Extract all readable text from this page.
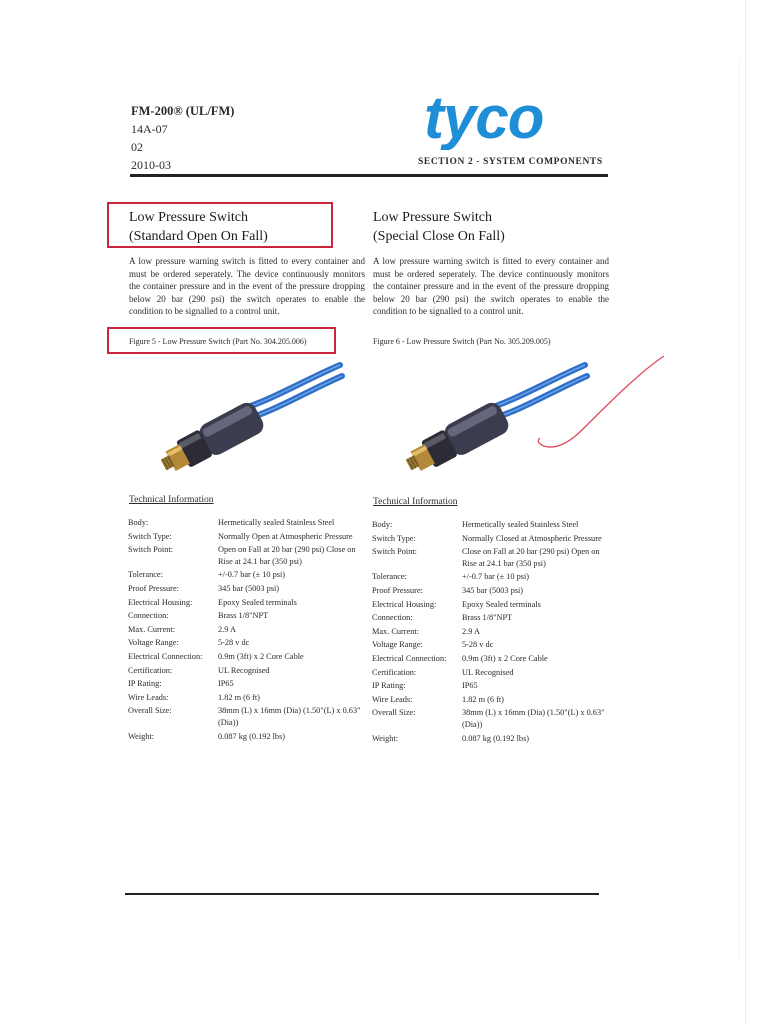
FM-200® (UL/FM)
14A-07
02
2010-03
tyco
SECTION 2 - SYSTEM COMPONENTS
Low Pressure Switch
(Standard Open On Fall)
A low pressure warning switch is fitted to every container and must be ordered seperately. The device continuously monitors the container pressure and in the event of the pressure dropping below 20 bar (290 psi) the switch operates to enable the condition to be signalled to a control unit.
Figure 5 - Low Pressure Switch (Part No. 304.205.006)
Low Pressure Switch
(Special Close On Fall)
A low pressure warning switch is fitted to every container and must be ordered seperately. The device continuously monitors the container pressure and in the event of the pressure dropping below 20 bar (290 psi) the switch operates to enable the condition to be signalled to a control unit.
Figure 6 - Low Pressure Switch (Part No. 305.209.005)
Technical Information	Technical Information
Body:	Hermetically sealed Stainless Steel
Switch Type:	Normally Open at Atmospheric Pressure
Switch Point:	Open on Fall at 20 bar (290 psi) Close on Rise at 24.1 bar (350 psi)
Tolerance:	+/-0.7 bar (± 10 psi)
Proof Pressure:	345 bar (5003 psi)
Electrical Housing:	Epoxy Sealed terminals
Connection:	Brass 1/8"NPT
Max. Current:	2.9 A
Voltage Range:	5-28 v dc
Electrical Connection:	0.9m (3ft) x 2 Core Cable
Certification:	UL Recognised
IP Rating:	IP65
Wire Leads:	1.82 m (6 ft)
Overall Size:	38mm (L) x 16mm (Dia) (1.50"(L) x 0.63" (Dia))
Weight:	0.087 kg (0.192 lbs)
Body:	Hermetically sealed Stainless Steel
Switch Type:	Normally Closed at Atmospheric Pressure
Switch Point:	Close on Fall at 20 bar (290 psi) Open on Rise at 24.1 bar (350 psi)
Tolerance:	+/-0.7 bar (± 10 psi)
Proof Pressure:	345 bar (5003 psi)
Electrical Housing:	Epoxy Sealed terminals
Connection:	Brass 1/8"NPT
Max. Current:	2.9 A
Voltage Range:	5-28 v dc
Electrical Connection:	0.9m (3ft) x 2 Core Cable
Certification:	UL Recognised
IP Rating:	IP65
Wire Leads:	1.82 m (6 ft)
Overall Size:	38mm (L) x 16mm (Dia) (1.50"(L) x 0.63" (Dia))
Weight:	0.087 kg (0.192 lbs)
